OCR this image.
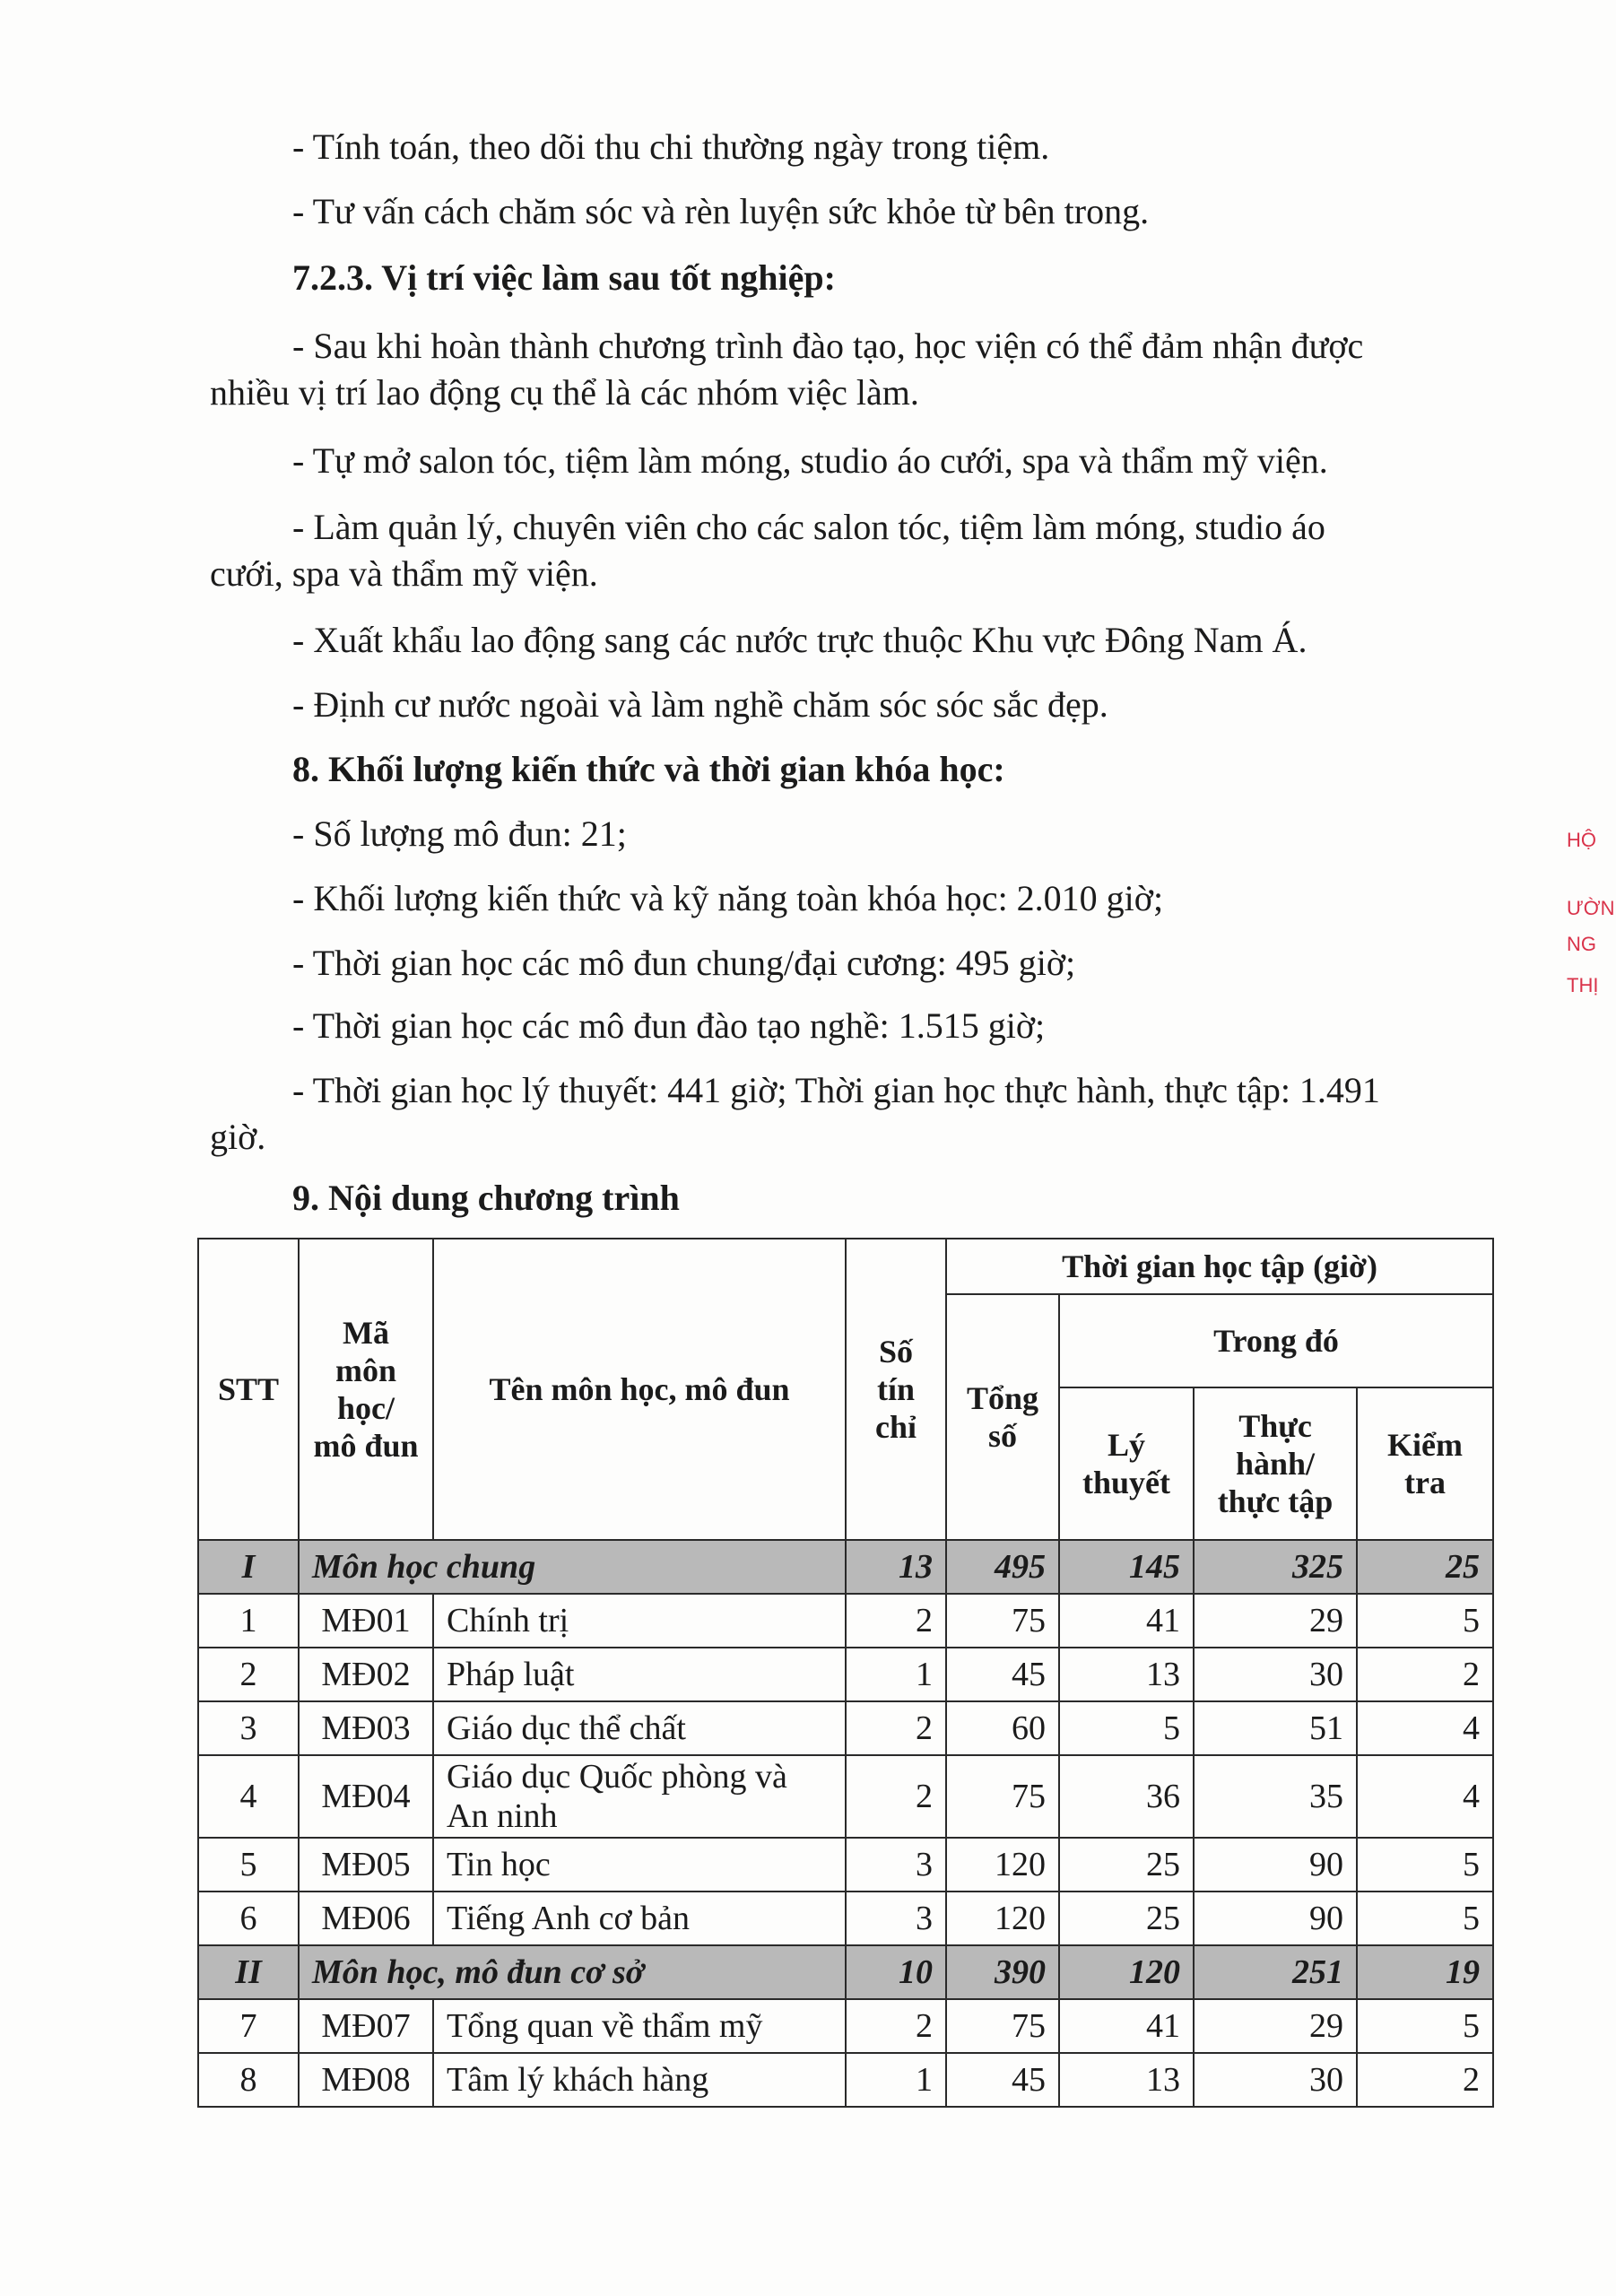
- Tính toán, theo dõi thu chi thường ngày trong tiệm.
- Tư vấn cách chăm sóc và rèn luyện sức khỏe từ bên trong.
7.2.3. Vị trí việc làm sau tốt nghiệp:
- Sau khi hoàn thành chương trình đào tạo, học viện có thể đảm nhận được
nhiều vị trí lao động cụ thể là các nhóm việc làm.
- Tự mở salon tóc, tiệm làm móng, studio áo cưới, spa và thẩm mỹ viện.
- Làm quản lý, chuyên viên cho các salon tóc, tiệm làm móng, studio áo
cưới, spa và thẩm mỹ viện.
- Xuất khẩu lao động sang các nước trực thuộc Khu vực Đông Nam Á.
- Định cư nước ngoài và làm nghề chăm sóc sóc sắc đẹp.
8. Khối lượng kiến thức và thời gian khóa học:
- Số lượng mô đun: 21;
- Khối lượng kiến thức và kỹ năng toàn khóa học: 2.010 giờ;
- Thời gian học các mô đun chung/đại cương: 495 giờ;
- Thời gian học các mô đun đào tạo nghề: 1.515 giờ;
- Thời gian học lý thuyết: 441 giờ; Thời gian học thực hành, thực tập: 1.491
giờ.
9. Nội dung chương trình
HỘ
ƯỜN
NG
THỊ
STT	Mã môn học/ mô đun	Tên môn học, mô đun	Số tín chỉ	Thời gian học tập (giờ)			
				Tổng số	Trong đó		
					Lý thuyết	Thực hành/ thực tập	Kiểm tra
I	Môn học chung		13	495	145	325	25
1	MĐ01	Chính trị	2	75	41	29	5
2	MĐ02	Pháp luật	1	45	13	30	2
3	MĐ03	Giáo dục thể chất	2	60	5	51	4
4	MĐ04	Giáo dục Quốc phòng và An ninh	2	75	36	35	4
5	MĐ05	Tin học	3	120	25	90	5
6	MĐ06	Tiếng Anh cơ bản	3	120	25	90	5
II	Môn học, mô đun cơ sở		10	390	120	251	19
7	MĐ07	Tổng quan về thẩm mỹ	2	75	41	29	5
8	MĐ08	Tâm lý khách hàng	1	45	13	30	2
